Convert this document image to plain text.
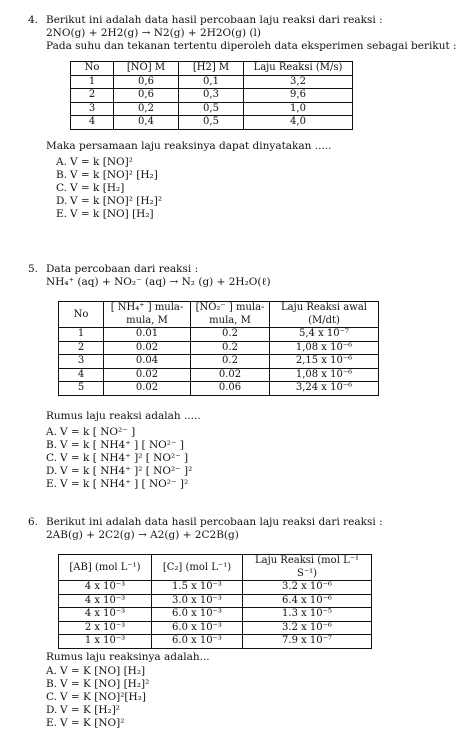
4. Berikut ini adalah data hasil percobaan laju reaksi dari reaksi :
2NO(g) + 2H2(g) → N2(g) + 2H2O(g) (l)
Pada suhu dan tekanan tertentu diperoleh data eksperimen sebagai berikut :
No	[NO] M	[H2] M	Laju Reaksi (M/s)
1	0,6	0,1	3,2
2	0,6	0,3	9,6
3	0,2	0,5	1,0
4	0,4	0,5	4,0
Maka persamaan laju reaksinya dapat dinyatakan .....
A. V = k [NO]²
B. V = k [NO]² [H₂]
C. V = k [H₂]
D. V = k [NO]² [H₂]²
E. V = k [NO] [H₂]
5. Data percobaan dari reaksi :
NH₄⁺ (aq) + NO₂⁻ (aq) → N₂ (g) + 2H₂O(ℓ)
No	[ NH₄⁺ ] mula-mula, M	[NO₂⁻ ] mula-mula, M	Laju Reaksi awal (M/dt)
1	0.01	0.2	5,4 x 10⁻⁷
2	0.02	0.2	1,08 x 10⁻⁶
3	0.04	0.2	2,15 x 10⁻⁶
4	0.02	0.02	1,08 x 10⁻⁶
5	0.02	0.06	3,24 x 10⁻⁶
Rumus laju reaksi adalah .....
A. V = k [ NO²⁻ ]
B. V = k [ NH4⁺ ] [ NO²⁻ ]
C. V = k [ NH4⁺ ]² [ NO²⁻ ]
D. V = k [ NH4⁺ ]² [ NO²⁻ ]²
E. V = k [ NH4⁺ ] [ NO²⁻ ]²
6. Berikut ini adalah data hasil percobaan laju reaksi dari reaksi :
2AB(g) + 2C2(g) → A2(g) + 2C2B(g)
[AB] (mol L⁻¹)	[C₂] (mol L⁻¹)	Laju Reaksi (mol L⁻¹ S⁻¹)
4 x 10⁻³	1.5 x 10⁻³	3.2 x 10⁻⁶
4 x 10⁻³	3.0 x 10⁻³	6.4 x 10⁻⁶
4 x 10⁻³	6.0 x 10⁻³	1.3 x 10⁻⁵
2 x 10⁻³	6.0 x 10⁻³	3.2 x 10⁻⁶
1 x 10⁻³	6.0 x 10⁻³	7.9 x 10⁻⁷
Rumus laju reaksinya adalah...
A. V = K [NO] [H₂]
B. V = K [NO] [H₂]²
C. V = K [NO]²[H₂]
D. V = K [H₂]²
E. V = K [NO]²
